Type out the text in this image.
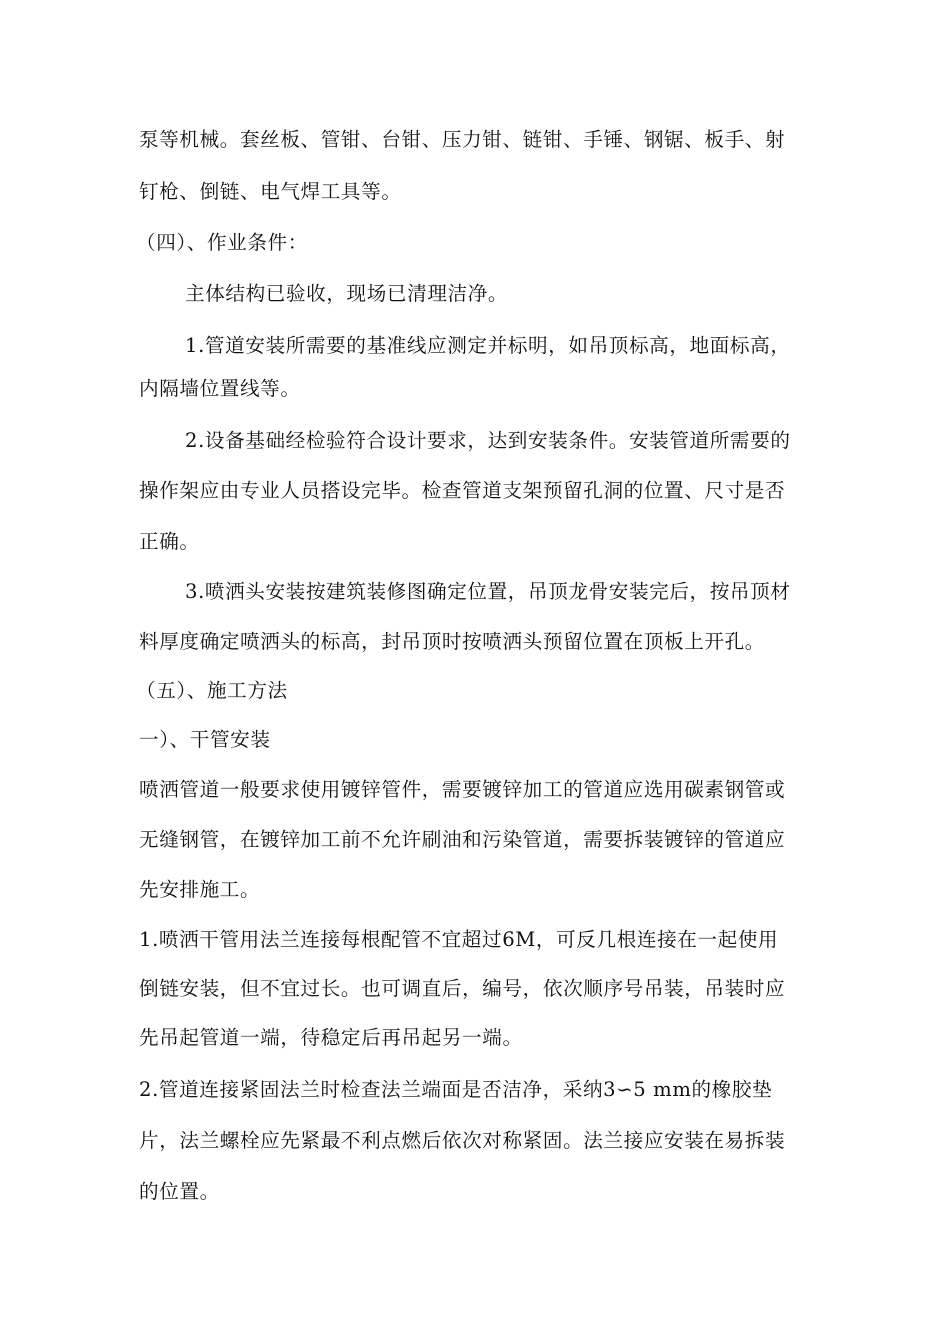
泵等机械。套丝板、管钳、台钳、压力钳、链钳、手锤、钢锯、板手、射
钉枪、倒链、电气焊工具等。
（四）、作业条件：
主体结构已验收，现场已清理洁净。
1.管道安装所需要的基准线应测定并标明，如吊顶标高，地面标高，
内隔墙位置线等。
2.设备基础经检验符合设计要求，达到安装条件。安装管道所需要的
操作架应由专业人员搭设完毕。检查管道支架预留孔洞的位置、尺寸是否
正确。
3.喷洒头安装按建筑装修图确定位置，吊顶龙骨安装完后，按吊顶材
料厚度确定喷洒头的标高，封吊顶时按喷洒头预留位置在顶板上开孔。
（五）、施工方法
一）、干管安装
喷洒管道一般要求使用镀锌管件，需要镀锌加工的管道应选用碳素钢管或
无缝钢管，在镀锌加工前不允许刷油和污染管道，需要拆装镀锌的管道应
先安排施工。
1.喷洒干管用法兰连接每根配管不宜超过6M，可反几根连接在一起使用
倒链安装，但不宜过长。也可调直后，编号，依次顺序号吊装，吊装时应
先吊起管道一端，待稳定后再吊起另一端。
2.管道连接紧固法兰时检查法兰端面是否洁净，采纳3∽5 mm的橡胶垫
片，法兰螺栓应先紧最不利点燃后依次对称紧固。法兰接应安装在易拆装
的位置。
